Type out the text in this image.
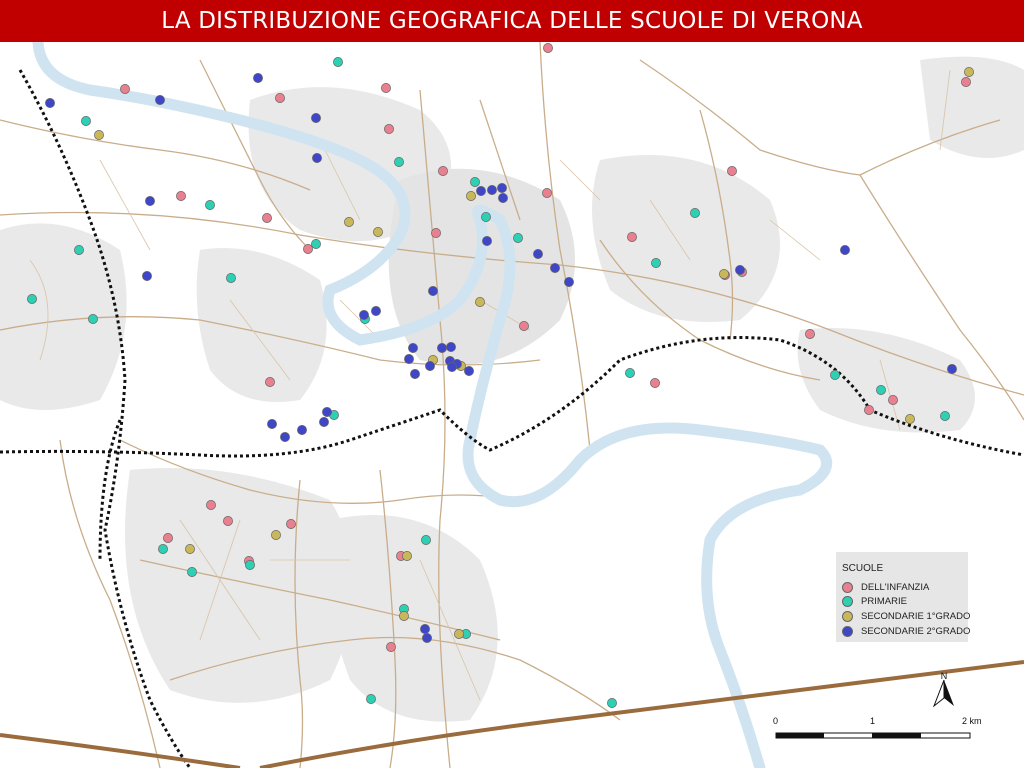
LA DISTRIBUZIONE GEOGRAFICA DELLE SCUOLE DI VERONA
SCUOLE
DELL'INFANZIA
PRIMARIE
SECONDARIE 1°GRADO
SECONDARIE 2°GRADO
N
0	1	2 km
